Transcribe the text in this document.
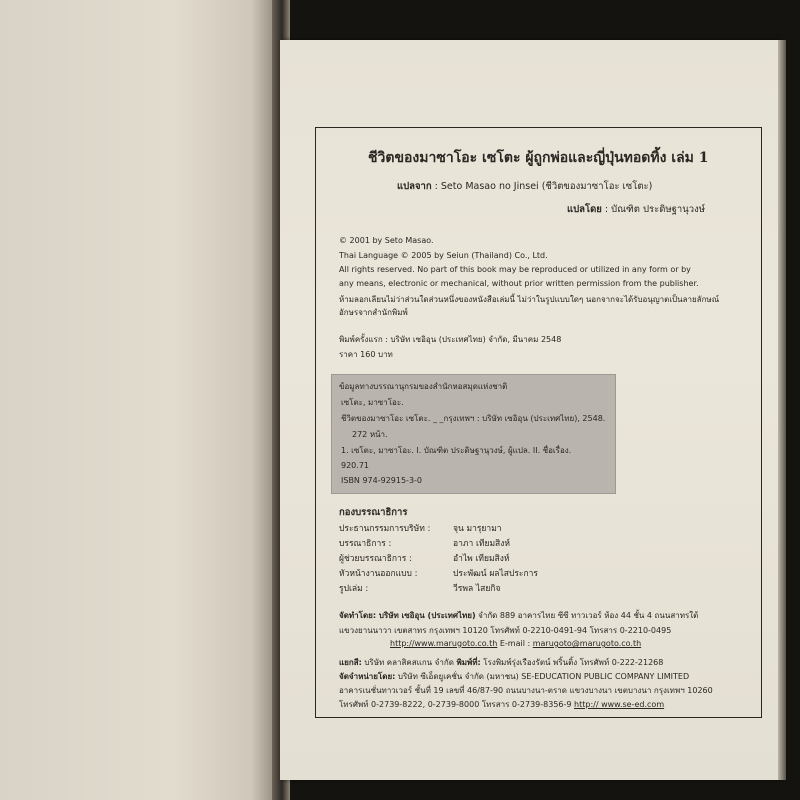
ชีวิตของมาซาโอะ เซโตะ ผู้ถูกพ่อและญี่ปุ่นทอดทิ้ง เล่ม 1
แปลจาก : Seto Masao no Jinsei (ชีวิตของมาซาโอะ เซโตะ)
แปลโดย : บัณฑิต ประดิษฐานุวงษ์
© 2001 by Seto Masao.
Thai Language © 2005 by Seiun (Thailand) Co., Ltd.
All rights reserved. No part of this book may be reproduced or utilized in any form or by
any means, electronic or mechanical, without prior written permission from the publisher.
ห้ามลอกเลียนไม่ว่าส่วนใดส่วนหนึ่งของหนังสือเล่มนี้ ไม่ว่าในรูปแบบใดๆ นอกจากจะได้รับอนุญาตเป็นลายลักษณ์
อักษรจากสำนักพิมพ์
พิมพ์ครั้งแรก : บริษัท เซอิอุน (ประเทศไทย) จำกัด, มีนาคม 2548
ราคา 160 บาท
ข้อมูลทางบรรณานุกรมของสำนักหอสมุดแห่งชาติ
เซโตะ, มาซาโอะ.
ชีวิตของมาซาโอะ เซโตะ. _ _กรุงเทพฯ : บริษัท เซอิอุน (ประเทศไทย), 2548.
272 หน้า.
1. เซโตะ, มาซาโอะ. I. บัณฑิต ประดิษฐานุวงษ์, ผู้แปล. II. ชื่อเรื่อง.
920.71
ISBN 974-92915-3-0
กองบรรณาธิการ
ประธานกรรมการบริษัท :	จุน มารุยามา
บรรณาธิการ :	อาภา เทียมสิงห์
ผู้ช่วยบรรณาธิการ :	อำไพ เทียมสิงห์
หัวหน้างานออกแบบ :	ประพัฒน์ ผลไสประการ
รูปเล่ม :	วีรพล ไสยกิจ
จัดทำโดย: บริษัท เซอิอุน (ประเทศไทย) จำกัด 889 อาคารไทย ซีซี ทาวเวอร์ ห้อง 44 ชั้น 4 ถนนสาทรใต้
แขวงยานนาวา เขตสาทร กรุงเทพฯ 10120 โทรศัพท์ 0-2210-0491-94 โทรสาร 0-2210-0495
http://www.marugoto.co.th E-mail : marugoto@marugoto.co.th
แยกสี: บริษัท คลาสิคสแกน จำกัด พิมพ์ที่: โรงพิมพ์รุ่งเรืองรัตน์ พริ้นติ้ง โทรศัพท์ 0-222-21268
จัดจำหน่ายโดย: บริษัท ซีเอ็ดยูเคชั่น จำกัด (มหาชน) SE-EDUCATION PUBLIC COMPANY LIMITED
อาคารเนชั่นทาวเวอร์ ชั้นที่ 19 เลขที่ 46/87-90 ถนนบางนา-ตราด แขวงบางนา เขตบางนา กรุงเทพฯ 10260
โทรศัพท์ 0-2739-8222, 0-2739-8000 โทรสาร 0-2739-8356-9 http:// www.se-ed.com
